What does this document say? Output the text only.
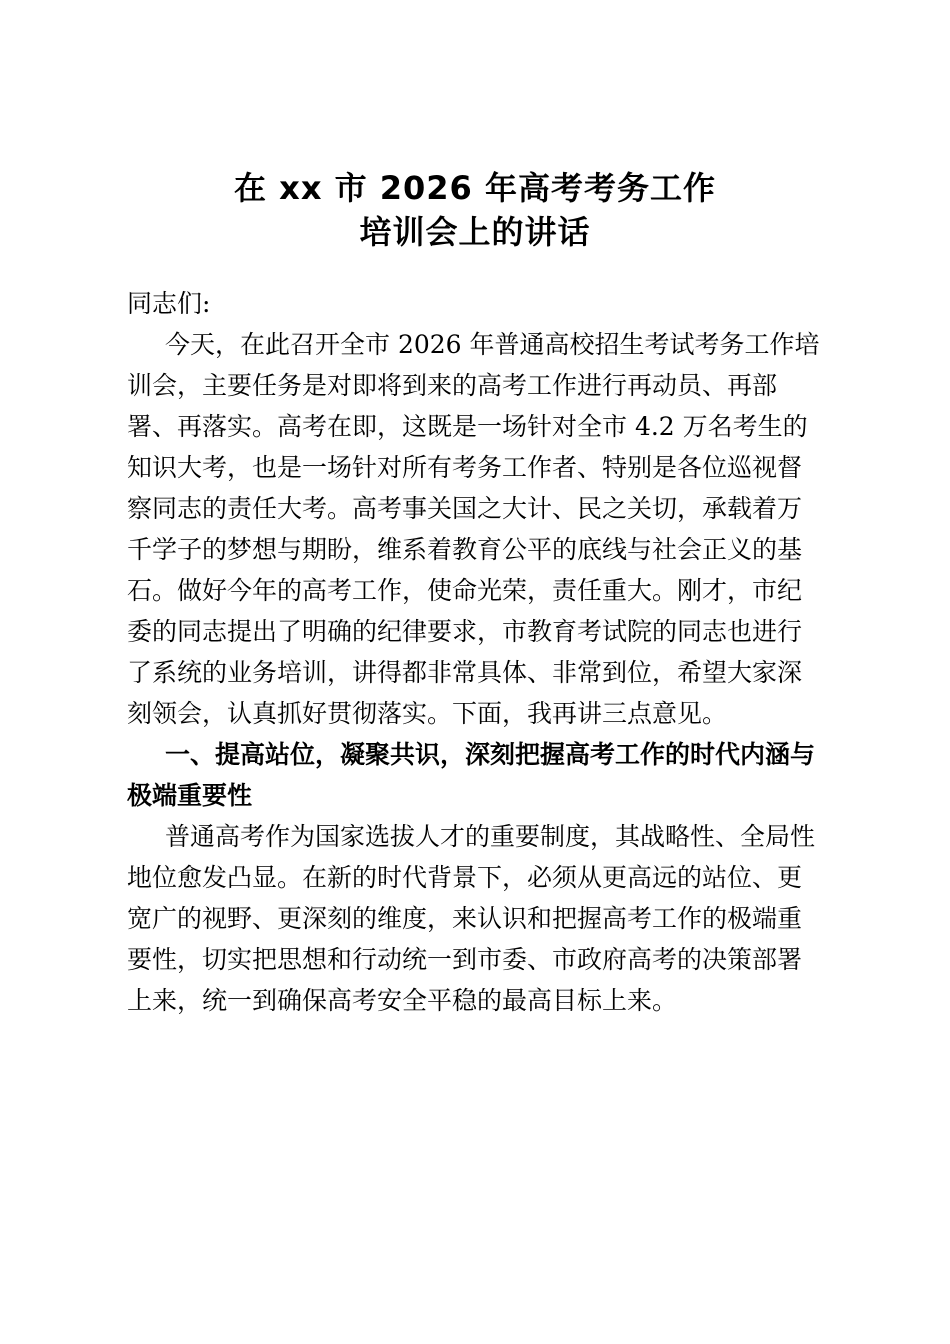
在 xx 市 2026 年高考考务工作
培训会上的讲话
同志们:
今天，在此召开全市 2026 年普通高校招生考试考务工作培
训会，主要任务是对即将到来的高考工作进行再动员、再部
署、再落实。高考在即，这既是一场针对全市 4.2 万名考生的
知识大考，也是一场针对所有考务工作者、特别是各位巡视督
察同志的责任大考。高考事关国之大计、民之关切，承载着万
千学子的梦想与期盼，维系着教育公平的底线与社会正义的基
石。做好今年的高考工作，使命光荣，责任重大。刚才，市纪
委的同志提出了明确的纪律要求，市教育考试院的同志也进行
了系统的业务培训，讲得都非常具体、非常到位，希望大家深
刻领会，认真抓好贯彻落实。下面，我再讲三点意见。
一、提高站位，凝聚共识，深刻把握高考工作的时代内涵与
极端重要性
普通高考作为国家选拔人才的重要制度，其战略性、全局性
地位愈发凸显。在新的时代背景下，必须从更高远的站位、更
宽广的视野、更深刻的维度，来认识和把握高考工作的极端重
要性，切实把思想和行动统一到市委、市政府高考的决策部署
上来，统一到确保高考安全平稳的最高目标上来。
